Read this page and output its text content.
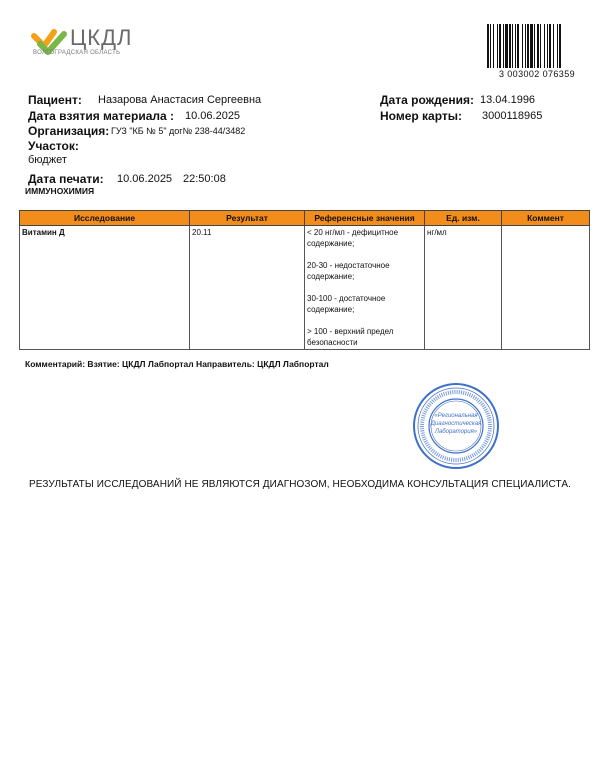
ЦКДЛ
ВОЛГОГРАДСКАЯ ОБЛАСТЬ
3 003002 076359
Пациент: Назарова Анастасия Сергеевна
Дата взятия материала : 10.06.2025
Организация: ГУЗ "КБ № 5" дог№ 238-44/3482
Участок:
бюджет
Дата печати: 10.06.2025 22:50:08
ИММУНОХИМИЯ
Дата рождения: 13.04.1996
Номер карты: 3000118965
Исследование	Результат	Референсные значения	Ед. изм.	Коммент
Витамин Д	20.11	< 20 нг/мл - дефицитное содержание;
20-30 - недостаточное содержание;
30-100 - достаточное содержание;
> 100 - верхний предел безопасности	нг/мл	
Комментарий: Взятие: ЦКДЛ Лабпортал Направитель: ЦКДЛ Лабпортал
«Региональная
Диагностическая
Лаборатория»
РЕЗУЛЬТАТЫ ИССЛЕДОВАНИЙ НЕ ЯВЛЯЮТСЯ ДИАГНОЗОМ, НЕОБХОДИМА КОНСУЛЬТАЦИЯ СПЕЦИАЛИСТА.
